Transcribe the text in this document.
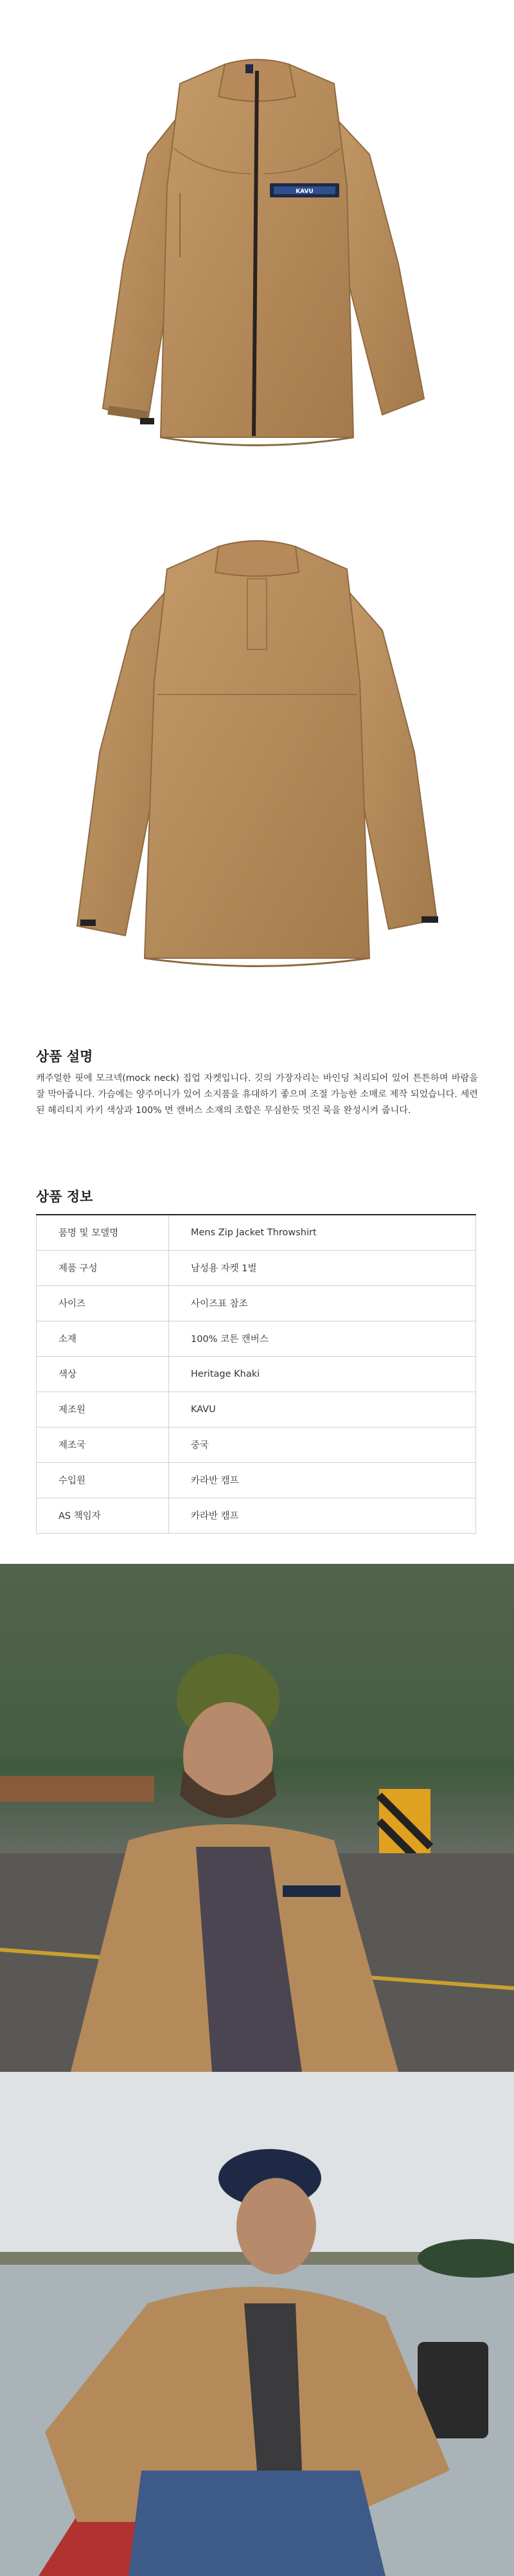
KAVU
상품 설명

캐주얼한 핏에 모크넥(mock neck) 집업 자켓입니다. 깃의 가장자리는 바인딩 처리되어 있어 튼튼하며 바람을 잘 막아줍니다. 가슴에는 양주머니가 있어 소지품을 휴대하기 좋으며 조절 가능한 소매로 제작 되었습니다. 세련된 헤리티지 카키 색상과 100% 면 캔버스 소재의 조합은 무심한듯 멋진 룩을 완성시켜 줍니다.

상품 정보
품명 및 모델명	Mens Zip Jacket Throwshirt
제품 구성	남성용 자켓 1벌
사이즈	사이즈표 참조
소재	100% 코튼 캔버스
색상	Heritage Khaki
제조원	KAVU
제조국	중국
수입원	카라반 캠프
AS 책임자	카라반 캠프
